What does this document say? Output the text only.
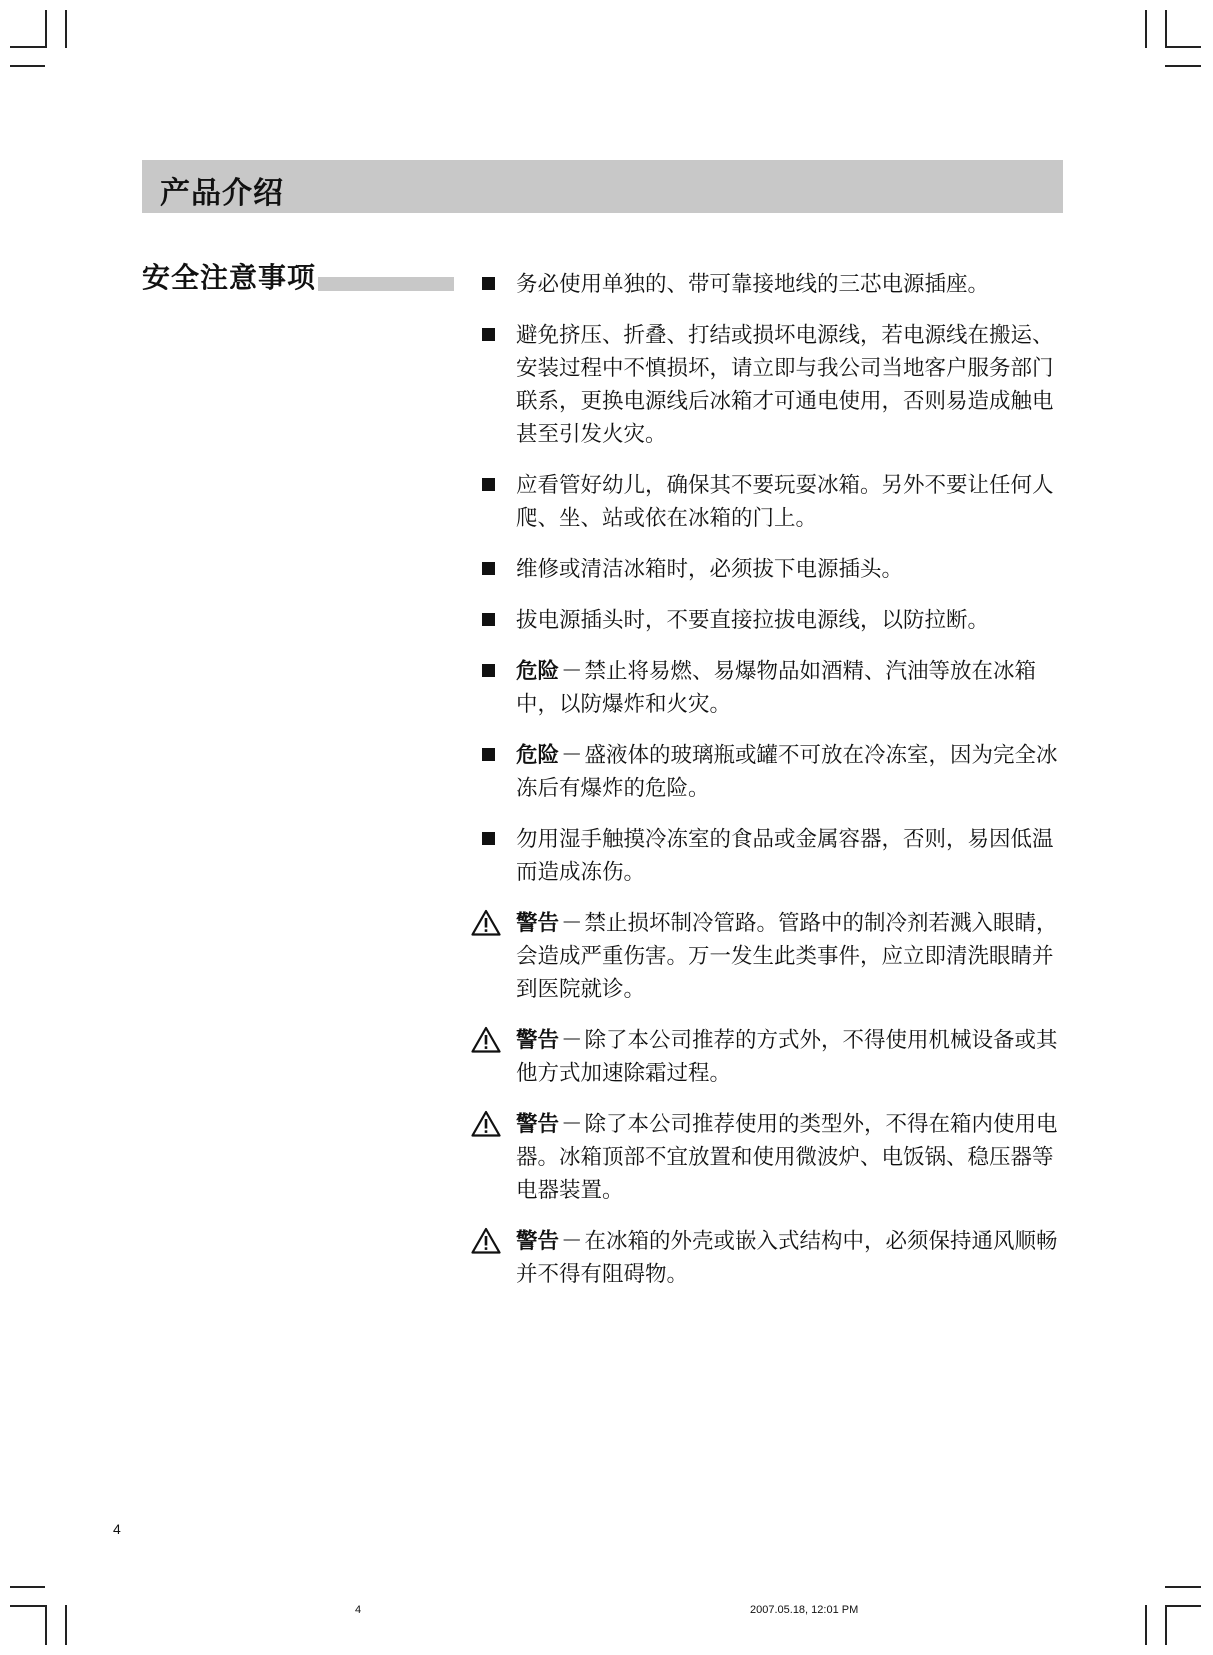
产品介绍
安全注意事项	务必使用单独的、带可靠接地线的三芯电源插座。
避免挤压、折叠、打结或损坏电源线，若电源线在搬运、安装过程中不慎损坏，请立即与我公司当地客户服务部门联系，更换电源线后冰箱才可通电使用，否则易造成触电甚至引发火灾。
应看管好幼儿，确保其不要玩耍冰箱。另外不要让任何人爬、坐、站或依在冰箱的门上。
维修或清洁冰箱时，必须拔下电源插头。
拔电源插头时，不要直接拉拔电源线，以防拉断。
危险－禁止将易燃、易爆物品如酒精、汽油等放在冰箱中，以防爆炸和火灾。
危险－盛液体的玻璃瓶或罐不可放在冷冻室，因为完全冰冻后有爆炸的危险。
勿用湿手触摸冷冻室的食品或金属容器，否则，易因低温而造成冻伤。
警告－禁止损坏制冷管路。管路中的制冷剂若溅入眼睛，会造成严重伤害。万一发生此类事件，应立即清洗眼睛并到医院就诊。
警告－除了本公司推荐的方式外，不得使用机械设备或其他方式加速除霜过程。
警告－除了本公司推荐使用的类型外，不得在箱内使用电器。冰箱顶部不宜放置和使用微波炉、电饭锅、稳压器等电器装置。
警告－在冰箱的外壳或嵌入式结构中，必须保持通风顺畅并不得有阻碍物。
4
4	2007.05.18, 12:01 PM
